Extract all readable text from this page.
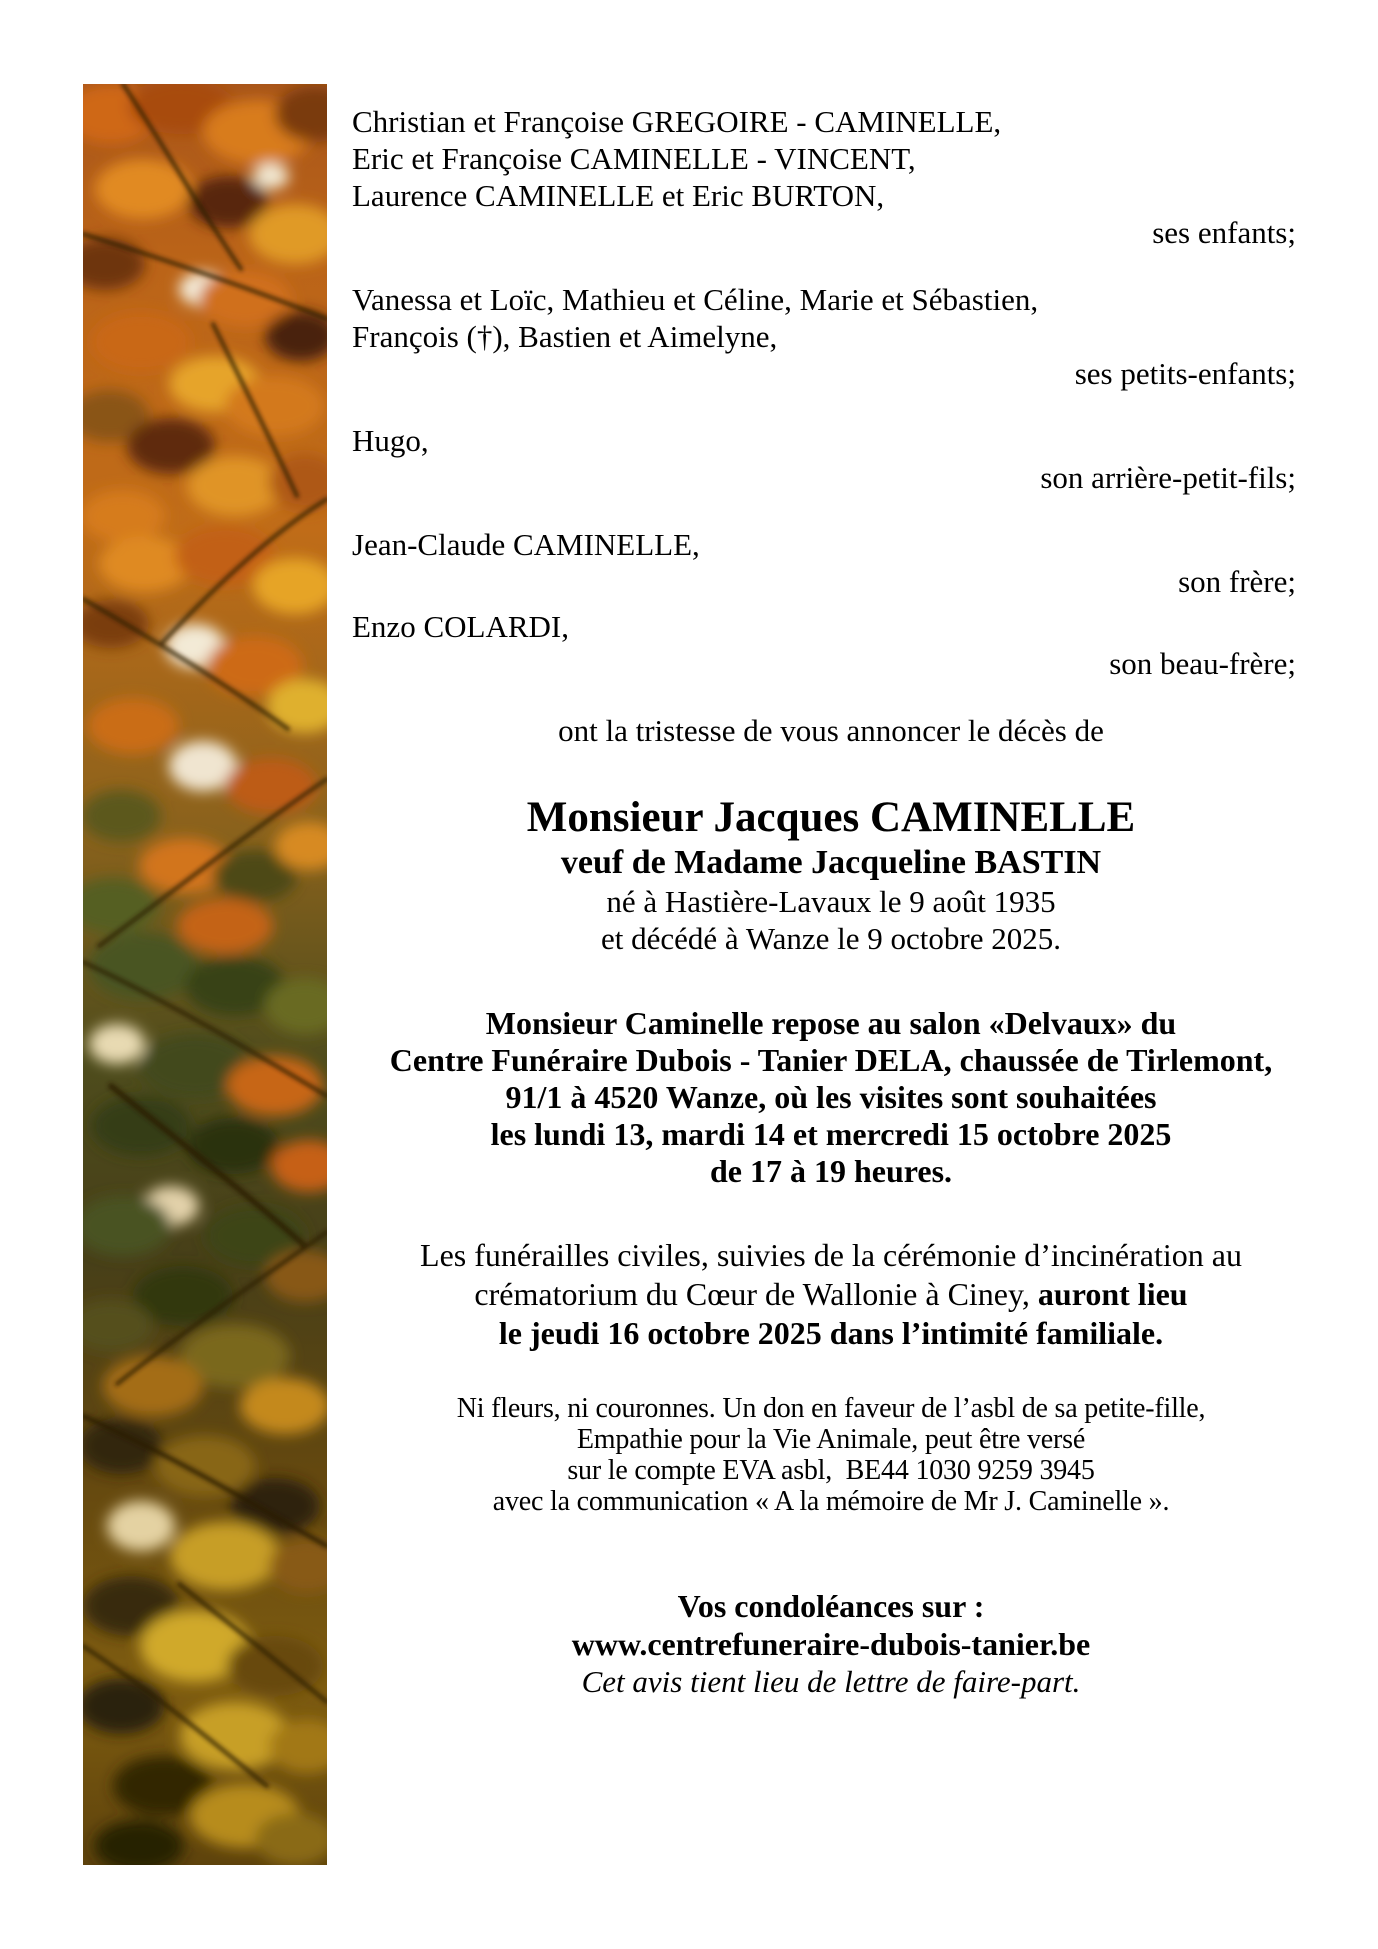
Christian et Françoise GREGOIRE - CAMINELLE,

Eric et Françoise CAMINELLE - VINCENT,

Laurence CAMINELLE et Eric BURTON,

ses enfants;

Vanessa et Loïc, Mathieu et Céline, Marie et Sébastien,

François (†), Bastien et Aimelyne,

ses petits-enfants;

Hugo,

son arrière-petit-fils;

Jean-Claude CAMINELLE,

son frère;

Enzo COLARDI,

son beau-frère;

ont la tristesse de vous annoncer le décès de

Monsieur Jacques CAMINELLE

veuf de Madame Jacqueline BASTIN

né à Hastière-Lavaux le 9 août 1935

et décédé à Wanze le 9 octobre 2025.

Monsieur Caminelle repose au salon «Delvaux» du

Centre Funéraire Dubois - Tanier DELA, chaussée de Tirlemont,

91/1 à 4520 Wanze, où les visites sont souhaitées

les lundi 13, mardi 14 et mercredi 15 octobre 2025

de 17 à 19 heures.

Les funérailles civiles, suivies de la cérémonie d’incinération au

crématorium du Cœur de Wallonie à Ciney, auront lieu

le jeudi 16 octobre 2025 dans l’intimité familiale.

Ni fleurs, ni couronnes. Un don en faveur de l’asbl de sa petite-fille,

Empathie pour la Vie Animale, peut être versé

sur le compte EVA asbl,  BE44 1030 9259 3945

avec la communication « A la mémoire de Mr J. Caminelle ».

Vos condoléances sur :

www.centrefuneraire-dubois-tanier.be

Cet avis tient lieu de lettre de faire-part.
